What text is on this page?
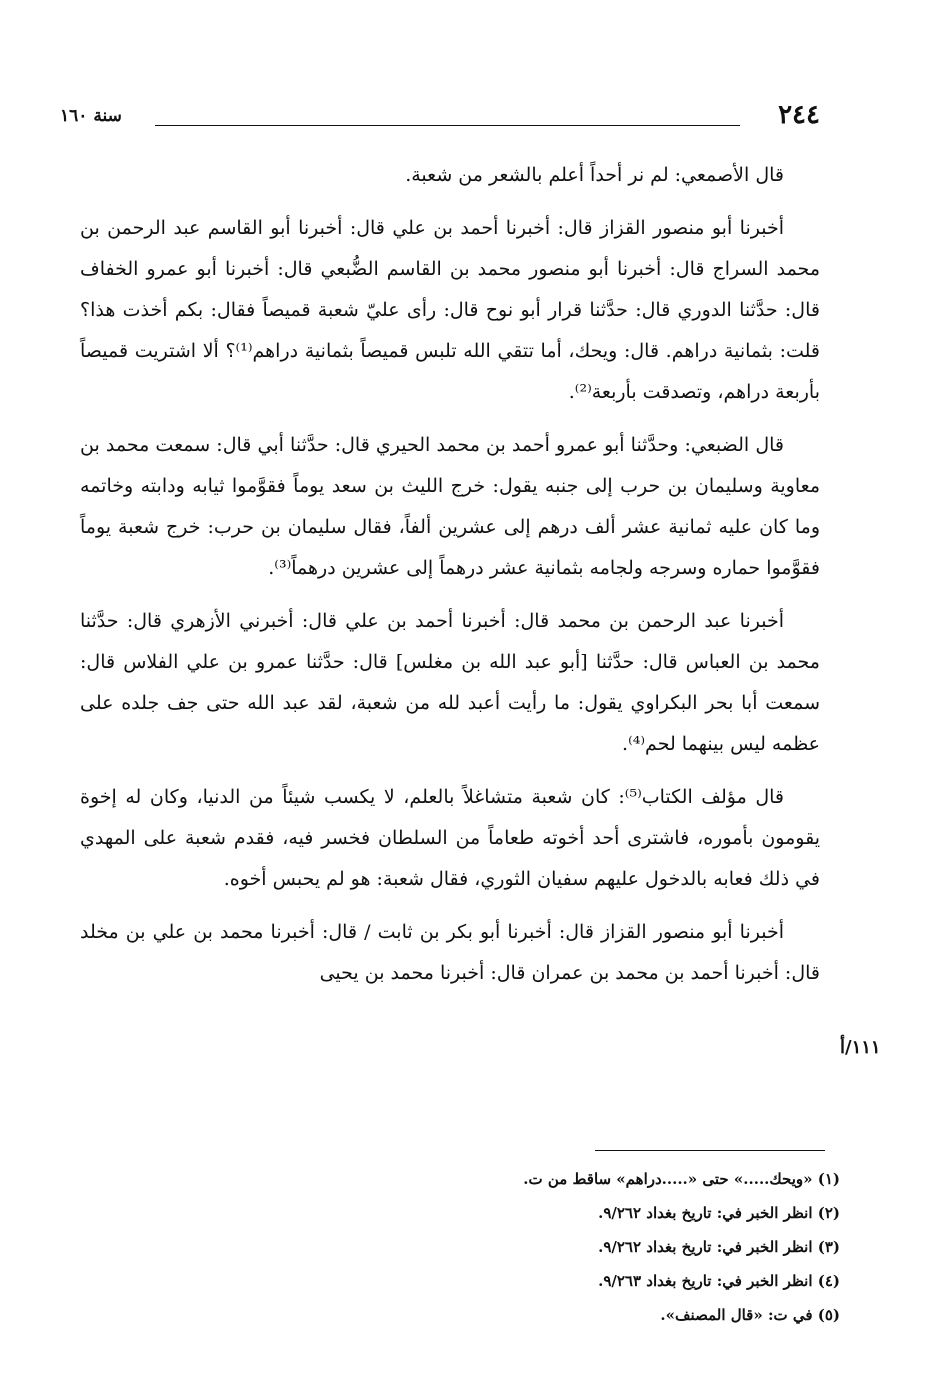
٢٤٤
سنة ١٦٠
١١١/أ

قال الأصمعي: لم نر أحداً أعلم بالشعر من شعبة.

أخبرنا أبو منصور القزاز قال: أخبرنا أحمد بن علي قال: أخبرنا أبو القاسم عبد الرحمن بن محمد السراج قال: أخبرنا أبو منصور محمد بن القاسم الضُّبعي قال: أخبرنا أبو عمرو الخفاف قال: حدَّثنا الدوري قال: حدَّثنا قرار أبو نوح قال: رأى عليّ شعبة قميصاً فقال: بكم أخذت هذا؟ قلت: بثمانية دراهم. قال: ويحك، أما تتقي الله تلبس قميصاً بثمانية دراهم⁽¹⁾؟ ألا اشتريت قميصاً بأربعة دراهم، وتصدقت بأربعة⁽²⁾.

قال الضبعي: وحدَّثنا أبو عمرو أحمد بن محمد الحيري قال: حدَّثنا أبي قال: سمعت محمد بن معاوية وسليمان بن حرب إلى جنبه يقول: خرج الليث بن سعد يوماً فقوَّموا ثيابه ودابته وخاتمه وما كان عليه ثمانية عشر ألف درهم إلى عشرين ألفاً، فقال سليمان بن حرب: خرج شعبة يوماً فقوَّموا حماره وسرجه ولجامه بثمانية عشر درهماً إلى عشرين درهماً⁽³⁾.

أخبرنا عبد الرحمن بن محمد قال: أخبرنا أحمد بن علي قال: أخبرني الأزهري قال: حدَّثنا محمد بن العباس قال: حدَّثنا [أبو عبد الله بن مغلس] قال: حدَّثنا عمرو بن علي الفلاس قال: سمعت أبا بحر البكراوي يقول: ما رأيت أعبد لله من شعبة، لقد عبد الله حتى جف جلده على عظمه ليس بينهما لحم⁽⁴⁾.

قال مؤلف الكتاب⁽⁵⁾: كان شعبة متشاغلاً بالعلم، لا يكسب شيئاً من الدنيا، وكان له إخوة يقومون بأموره، فاشترى أحد أخوته طعاماً من السلطان فخسر فيه، فقدم شعبة على المهدي في ذلك فعابه بالدخول عليهم سفيان الثوري، فقال شعبة: هو لم يحبس أخوه.

أخبرنا أبو منصور القزاز قال: أخبرنا أبو بكر بن ثابت / قال: أخبرنا محمد بن علي بن مخلد قال: أخبرنا أحمد بن محمد بن عمران قال: أخبرنا محمد بن يحيى

(١) «ويحك.....» حتى «.....دراهم» ساقط من ت.
(٢) انظر الخبر في: تاريخ بغداد ٩/٢٦٢.
(٣) انظر الخبر في: تاريخ بغداد ٩/٢٦٢.
(٤) انظر الخبر في: تاريخ بغداد ٩/٢٦٣.
(٥) في ت: «قال المصنف».
